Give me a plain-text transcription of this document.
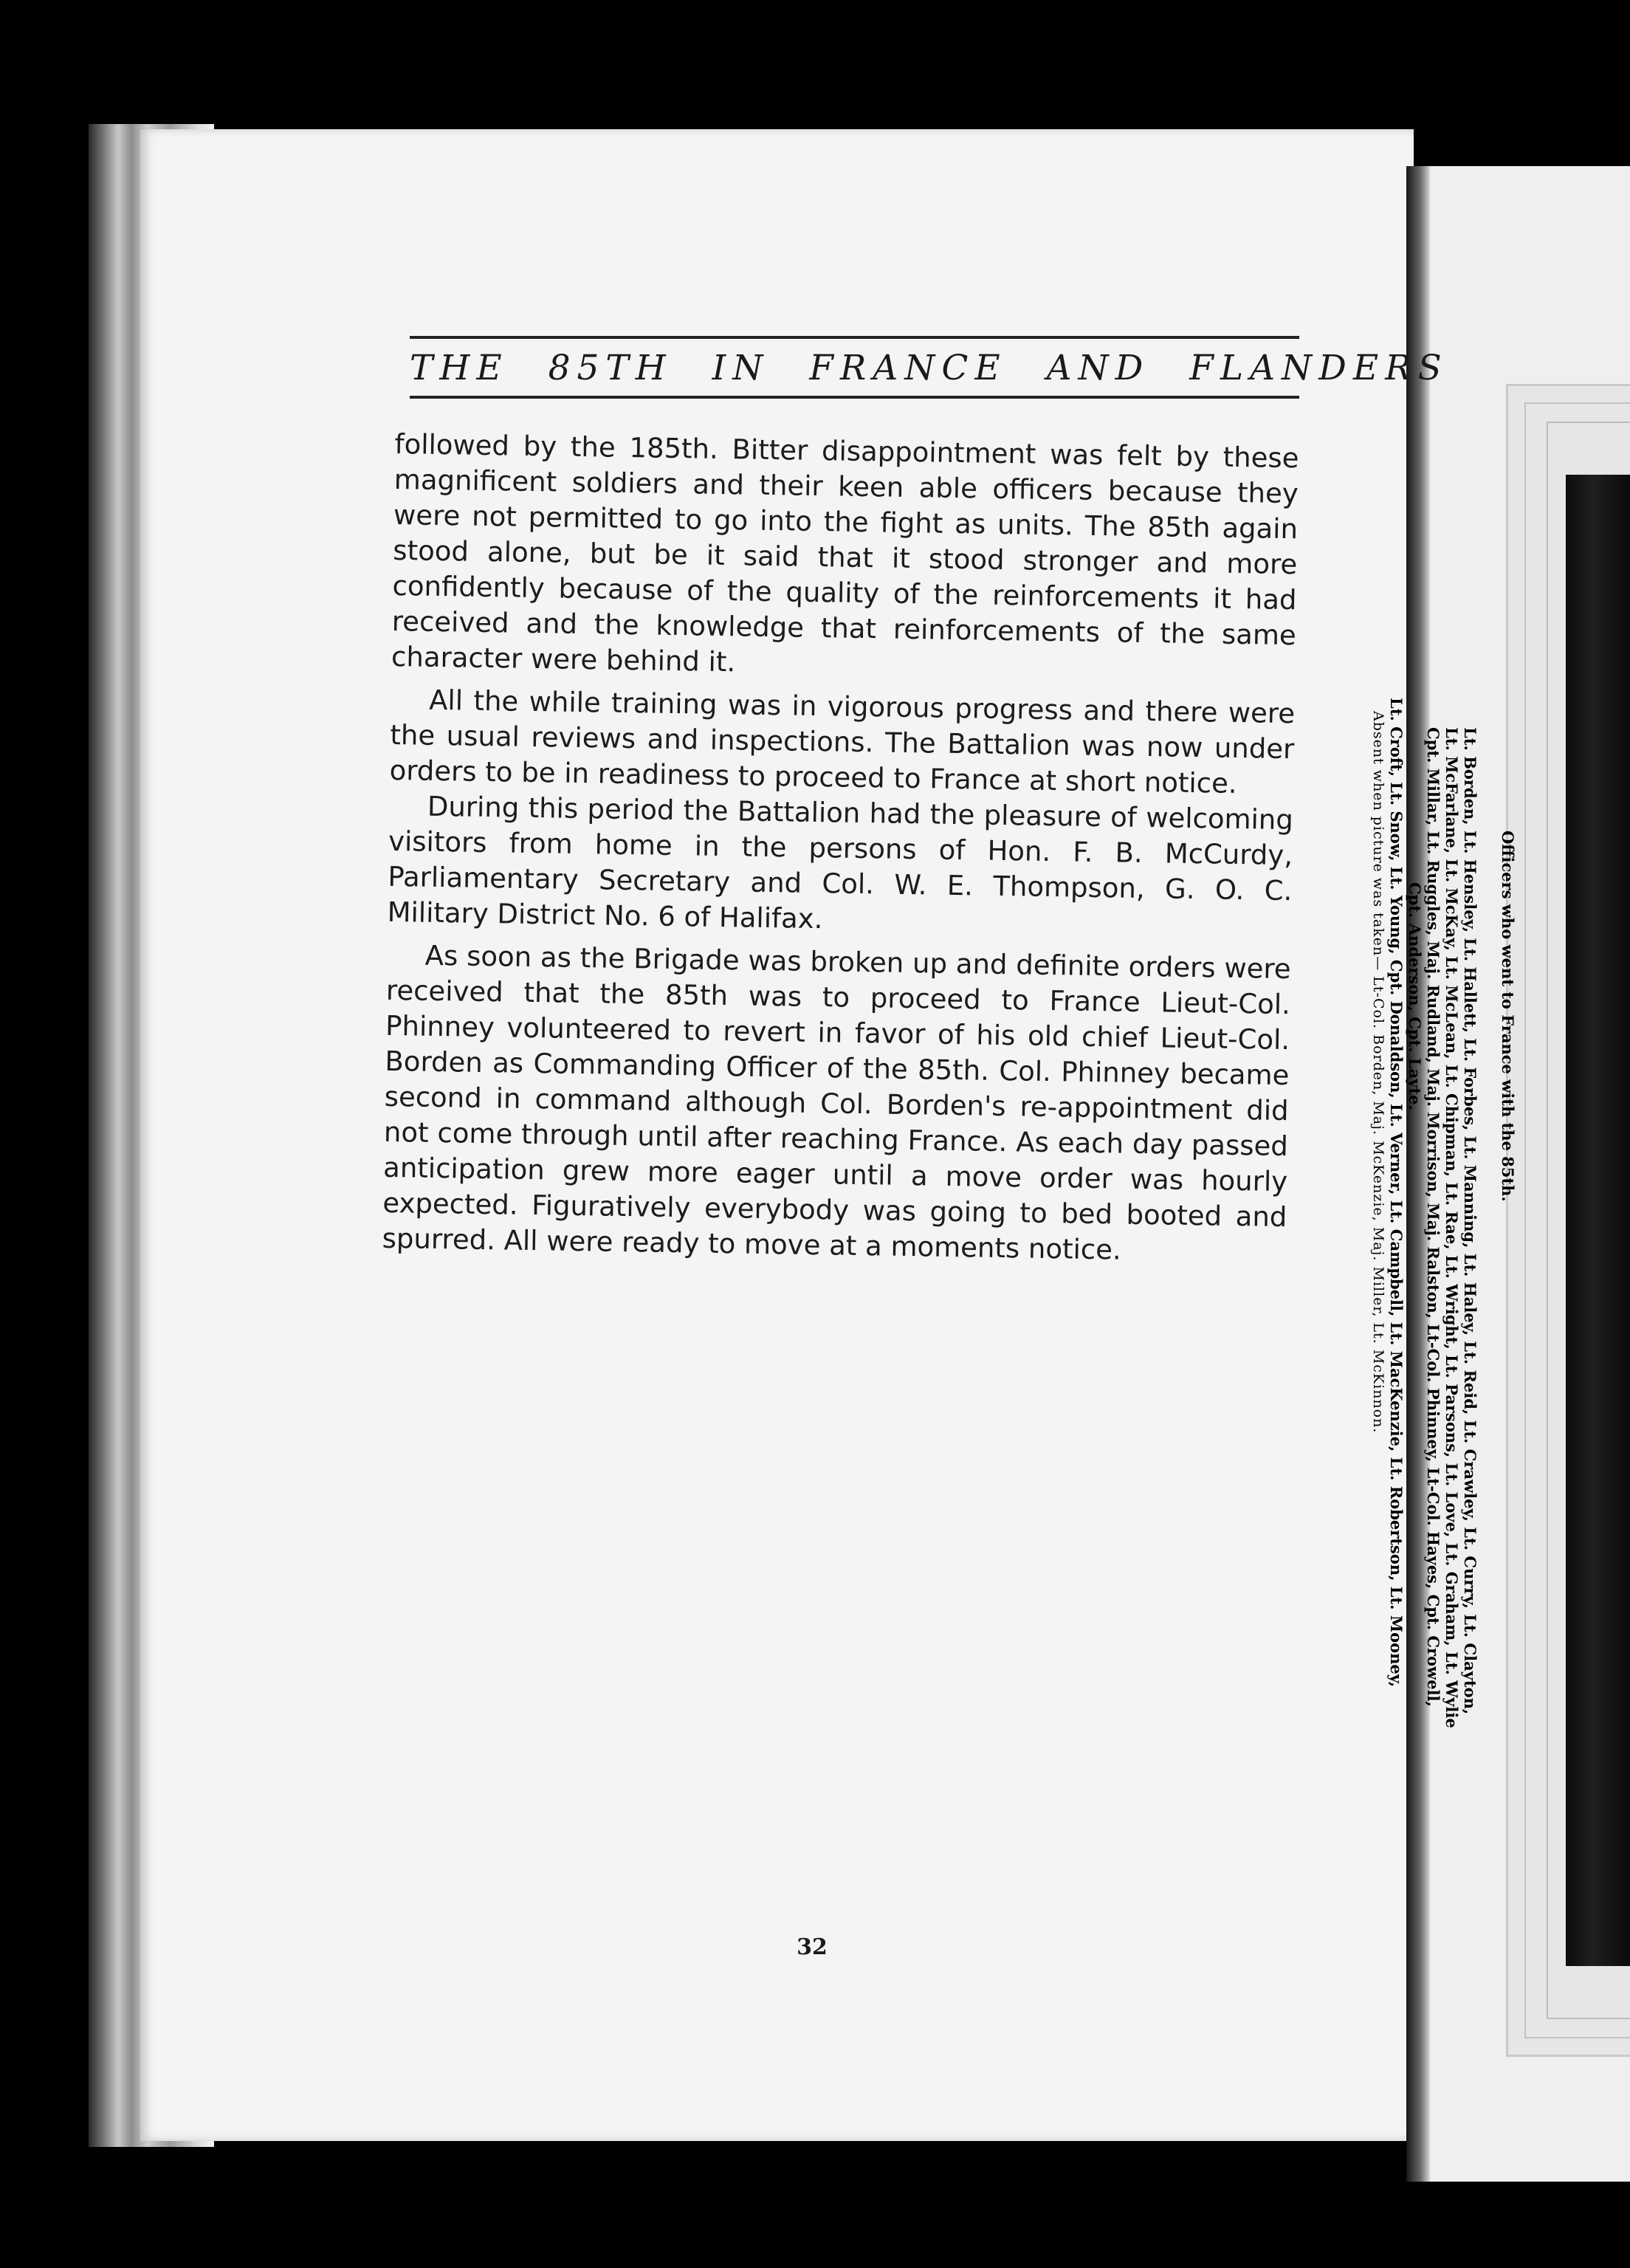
THE 85TH IN FRANCE AND FLANDERS

followed by the 185th. Bitter disappointment was felt by these magnificent soldiers and their keen able officers because they were not permitted to go into the fight as units. The 85th again stood alone, but be it said that it stood stronger and more confidently because of the quality of the reinforcements it had received and the knowledge that reinforcements of the same character were behind it.

All the while training was in vigorous progress and there were the usual reviews and inspections. The Battalion was now under orders to be in readiness to proceed to France at short notice.

During this period the Battalion had the pleasure of welcoming visitors from home in the persons of Hon. F. B. McCurdy, Parliamentary Secretary and Col. W. E. Thompson, G. O. C. Military District No. 6 of Halifax.

As soon as the Brigade was broken up and definite orders were received that the 85th was to proceed to France Lieut-Col. Phinney volunteered to revert in favor of his old chief Lieut-Col. Borden as Commanding Officer of the 85th. Col. Phinney became second in command although Col. Borden's re-appointment did not come through until after reaching France. As each day passed anticipation grew more eager until a move order was hourly expected. Figuratively everybody was going to bed booted and spurred. All were ready to move at a moments notice.

32
Officers who went to France with the 85th.
Lt. Borden, Lt. Hensley, Lt. Hallett, Lt. Forbes, Lt. Manning, Lt. Haley, Lt. Reid, Lt. Crawley, Lt. Curry, Lt. Clayton,
Lt. McFarlane, Lt. McKay, Lt. McLean, Lt. Chipman, Lt. Rae, Lt. Wright, Lt. Parsons, Lt. Love, Lt. Graham, Lt. Wylie
Cpt. Millar, Lt. Ruggles, Maj. Rudland, Maj. Morrison, Maj. Ralston, Lt-Col. Phinney, Lt-Col. Hayes, Cpt. Crowell,
Cpt. Anderson, Cpt. Layte.
Lt. Croft, Lt. Snow, Lt. Young, Cpt. Donaldson, Lt. Verner, Lt. Campbell, Lt. MacKenzie, Lt. Robertson, Lt. Mooney,
Absent when picture was taken— Lt-Col. Borden, Maj. McKenzie, Maj. Miller, Lt. McKinnon.
